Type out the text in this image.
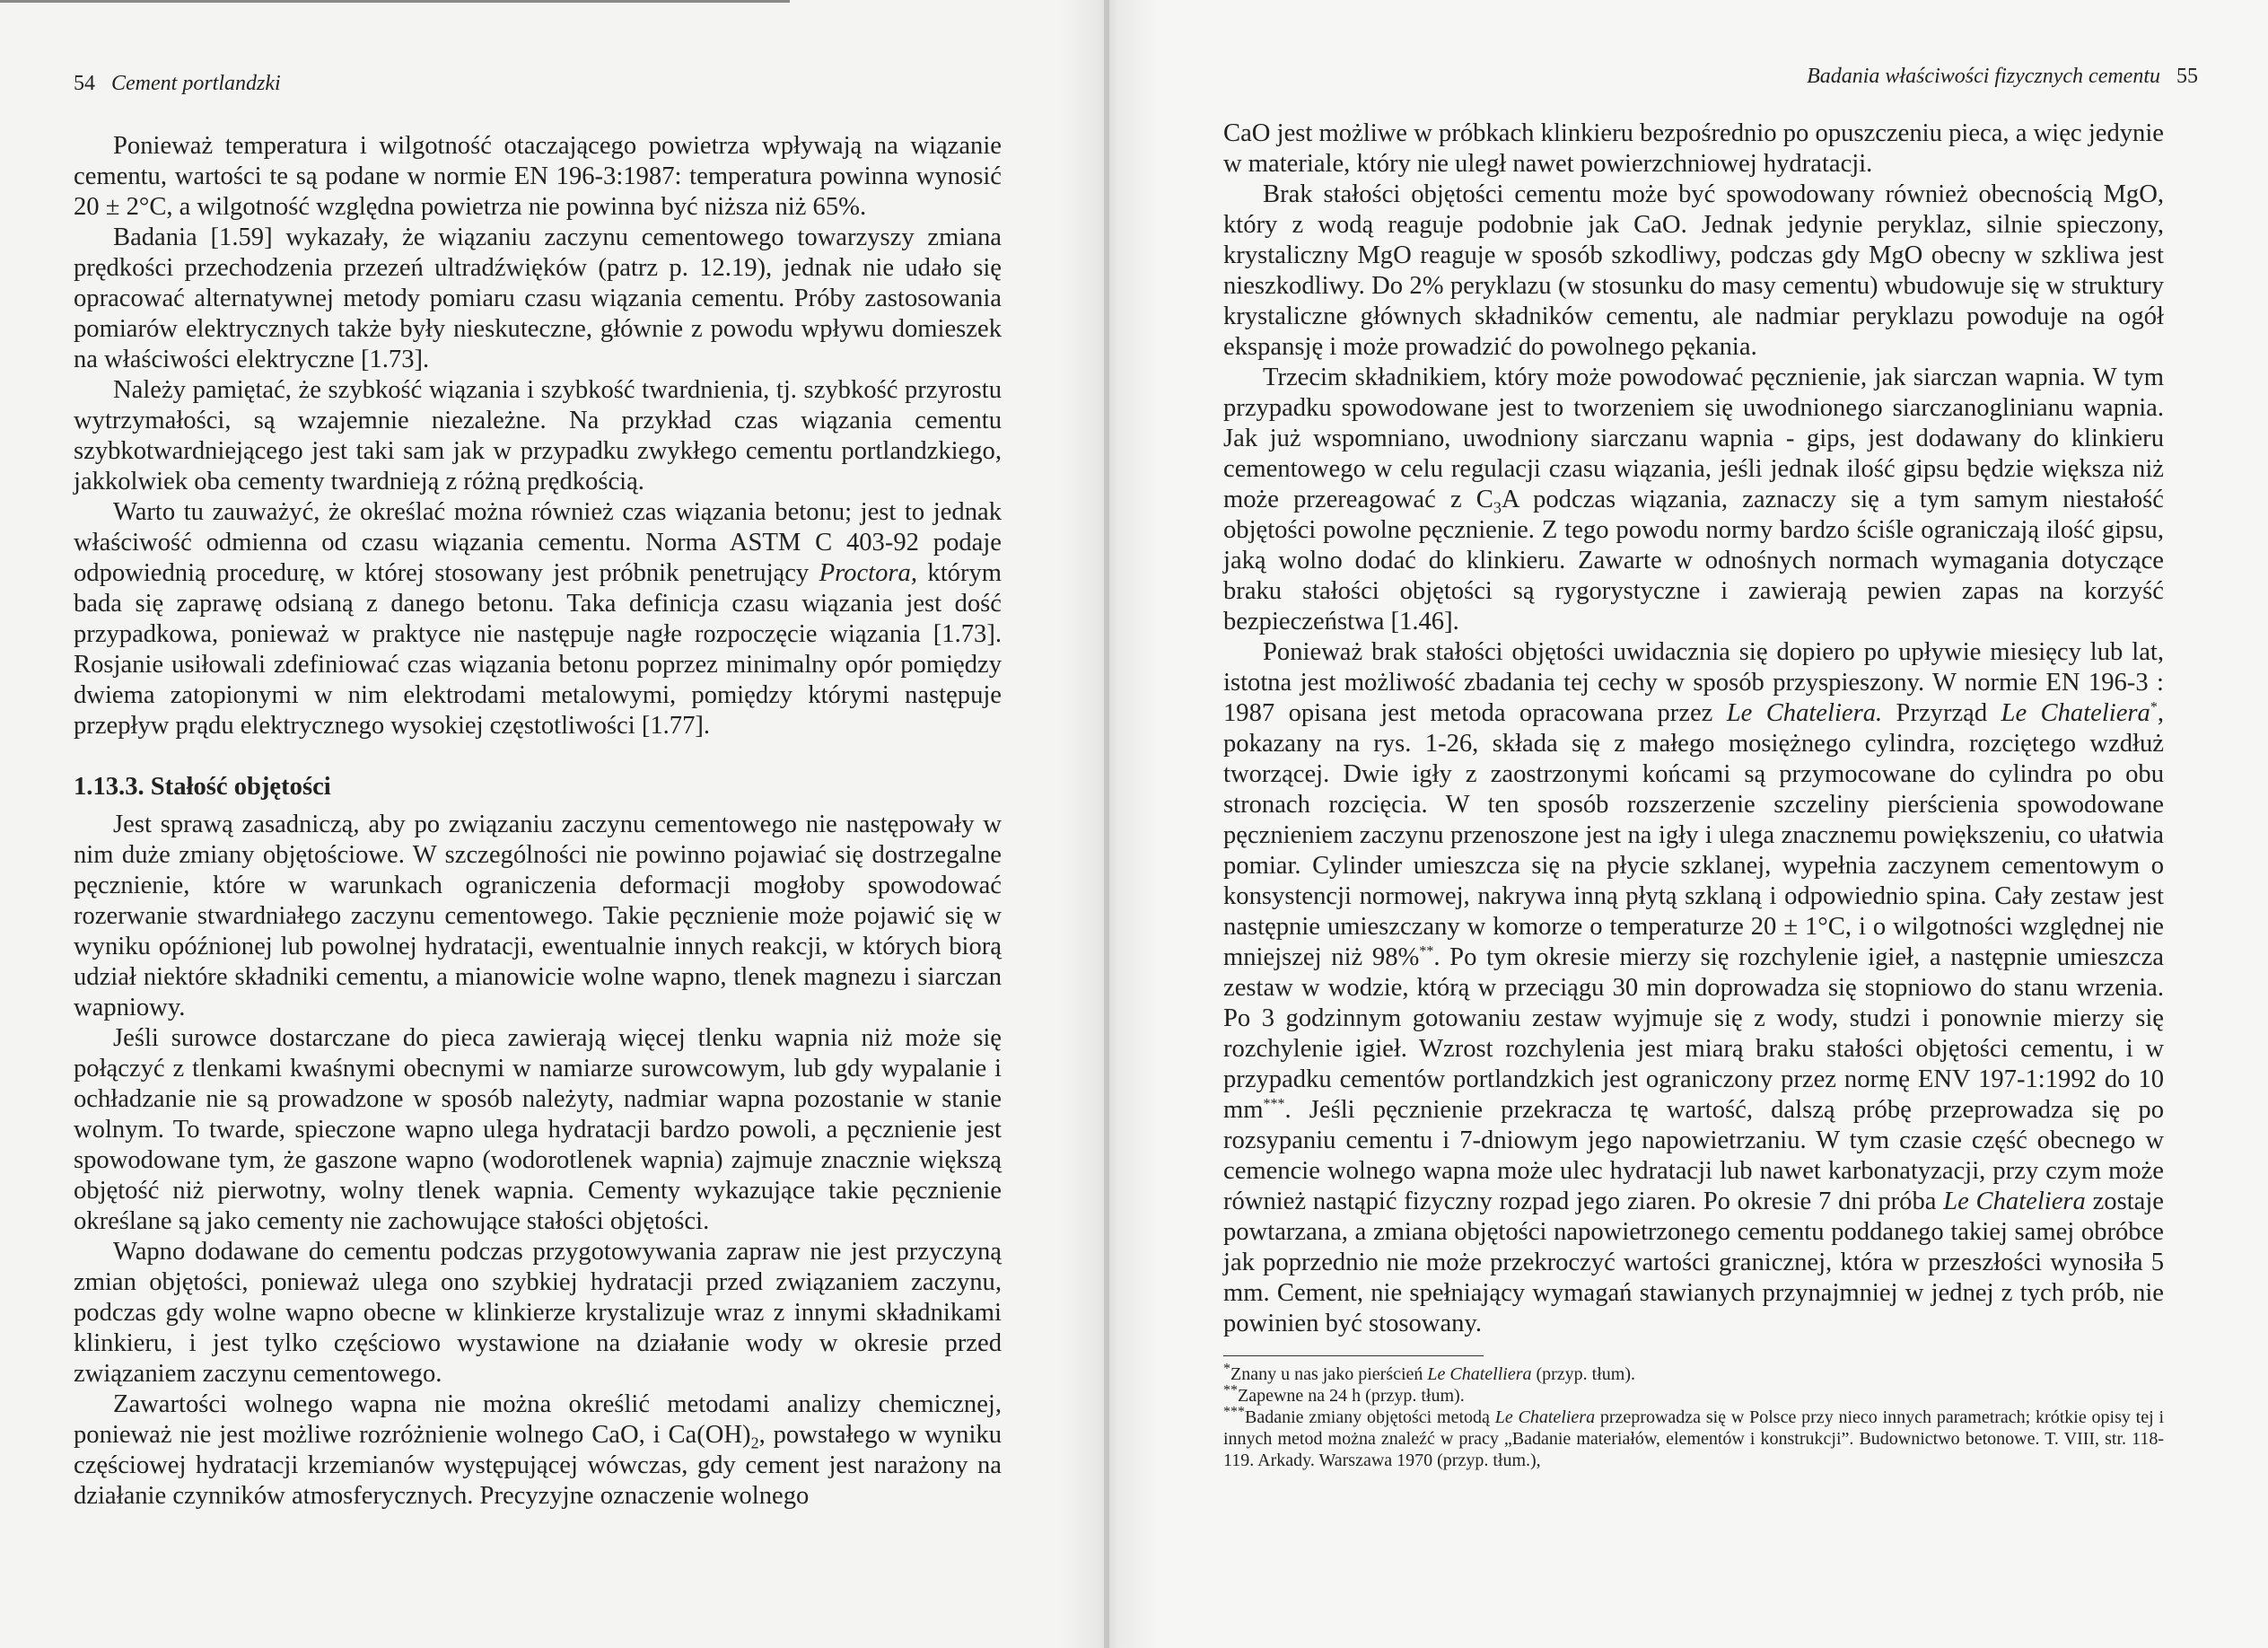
54 Cement portlandzki

Ponieważ temperatura i wilgotność otaczającego powietrza wpływają na wiązanie cementu, wartości te są podane w normie EN 196-3:1987: temperatura powinna wynosić 20 ± 2°C, a wilgotność względna powietrza nie powinna być niższa niż 65%.

Badania [1.59] wykazały, że wiązaniu zaczynu cementowego towarzyszy zmiana prędkości przechodzenia przezeń ultradźwięków (patrz p. 12.19), jednak nie udało się opracować alternatywnej metody pomiaru czasu wiązania cementu. Próby zastosowania pomiarów elektrycznych także były nieskuteczne, głównie z powodu wpływu domieszek na właściwości elektryczne [1.73].

Należy pamiętać, że szybkość wiązania i szybkość twardnienia, tj. szybkość przyrostu wytrzymałości, są wzajemnie niezależne. Na przykład czas wiązania cementu szybkotwardniejącego jest taki sam jak w przypadku zwykłego cementu portlandzkiego, jakkolwiek oba cementy twardnieją z różną prędkością.

Warto tu zauważyć, że określać można również czas wiązania betonu; jest to jednak właściwość odmienna od czasu wiązania cementu. Norma ASTM C 403-92 podaje odpowiednią procedurę, w której stosowany jest próbnik penetrujący Proctora, którym bada się zaprawę odsianą z danego betonu. Taka definicja czasu wiązania jest dość przypadkowa, ponieważ w praktyce nie następuje nagłe rozpoczęcie wiązania [1.73]. Rosjanie usiłowali zdefiniować czas wiązania betonu poprzez minimalny opór pomiędzy dwiema zatopionymi w nim elektrodami metalowymi, pomiędzy którymi następuje przepływ prądu elektrycznego wysokiej częstotliwości [1.77].

1.13.3. Stałość objętości

Jest sprawą zasadniczą, aby po związaniu zaczynu cementowego nie następowały w nim duże zmiany objętościowe. W szczególności nie powinno pojawiać się dostrzegalne pęcznienie, które w warunkach ograniczenia deformacji mogłoby spowodować rozerwanie stwardniałego zaczynu cementowego. Takie pęcznienie może pojawić się w wyniku opóźnionej lub powolnej hydratacji, ewentualnie innych reakcji, w których biorą udział niektóre składniki cementu, a mianowicie wolne wapno, tlenek magnezu i siarczan wapniowy.

Jeśli surowce dostarczane do pieca zawierają więcej tlenku wapnia niż może się połączyć z tlenkami kwaśnymi obecnymi w namiarze surowcowym, lub gdy wypalanie i ochładzanie nie są prowadzone w sposób należyty, nadmiar wapna pozostanie w stanie wolnym. To twarde, spieczone wapno ulega hydratacji bardzo powoli, a pęcznienie jest spowodowane tym, że gaszone wapno (wodorotlenek wapnia) zajmuje znacznie większą objętość niż pierwotny, wolny tlenek wapnia. Cementy wykazujące takie pęcznienie określane są jako cementy nie zachowujące stałości objętości.

Wapno dodawane do cementu podczas przygotowywania zapraw nie jest przyczyną zmian objętości, ponieważ ulega ono szybkiej hydratacji przed związaniem zaczynu, podczas gdy wolne wapno obecne w klinkierze krystalizuje wraz z innymi składnikami klinkieru, i jest tylko częściowo wystawione na działanie wody w okresie przed związaniem zaczynu cementowego.

Zawartości wolnego wapna nie można określić metodami analizy chemicznej, ponieważ nie jest możliwe rozróżnienie wolnego CaO, i $Ca(OH)_2$, powstałego w wyniku częściowej hydratacji krzemianów występującej wówczas, gdy cement jest narażony na działanie czynników atmosferycznych. Precyzyjne oznaczenie wolnego

Badania właściwości fizycznych cementu 55

CaO jest możliwe w próbkach klinkieru bezpośrednio po opuszczeniu pieca, a więc jedynie w materiale, który nie uległ nawet powierzchniowej hydratacji.

Brak stałości objętości cementu może być spowodowany również obecnością MgO, który z wodą reaguje podobnie jak CaO. Jednak jedynie peryklaz, silnie spieczony, krystaliczny MgO reaguje w sposób szkodliwy, podczas gdy MgO obecny w szkliwa jest nieszkodliwy. Do 2% peryklazu (w stosunku do masy cementu) wbudowuje się w struktury krystaliczne głównych składników cementu, ale nadmiar peryklazu powoduje na ogół ekspansję i może prowadzić do powolnego pękania.

Trzecim składnikiem, który może powodować pęcznienie, jak siarczan wapnia. W tym przypadku spowodowane jest to tworzeniem się uwodnionego siarczanoglinianu wapnia. Jak już wspomniano, uwodniony siarczanu wapnia - gips, jest dodawany do klinkieru cementowego w celu regulacji czasu wiązania, jeśli jednak ilość gipsu będzie większa niż może przereagować z $C_3A$ podczas wiązania, zaznaczy się a tym samym niestałość objętości powolne pęcznienie. Z tego powodu normy bardzo ściśle ograniczają ilość gipsu, jaką wolno dodać do klinkieru. Zawarte w odnośnych normach wymagania dotyczące braku stałości objętości są rygorystyczne i zawierają pewien zapas na korzyść bezpieczeństwa [1.46].

Ponieważ brak stałości objętości uwidacznia się dopiero po upływie miesięcy lub lat, istotna jest możliwość zbadania tej cechy w sposób przyspieszony. W normie EN 196-3 : 1987 opisana jest metoda opracowana przez Le Chateliera. Przyrząd Le Chateliera*, pokazany na rys. 1-26, składa się z małego mosiężnego cylindra, rozciętego wzdłuż tworzącej. Dwie igły z zaostrzonymi końcami są przymocowane do cylindra po obu stronach rozcięcia. W ten sposób rozszerzenie szczeliny pierścienia spowodowane pęcznieniem zaczynu przenoszone jest na igły i ulega znacznemu powiększeniu, co ułatwia pomiar. Cylinder umieszcza się na płycie szklanej, wypełnia zaczynem cementowym o konsystencji normowej, nakrywa inną płytą szklaną i odpowiednio spina. Cały zestaw jest następnie umieszczany w komorze o temperaturze 20 ± 1°C, i o wilgotności względnej nie mniejszej niż 98%**. Po tym okresie mierzy się rozchylenie igieł, a następnie umieszcza zestaw w wodzie, którą w przeciągu 30 min doprowadza się stopniowo do stanu wrzenia. Po 3 godzinnym gotowaniu zestaw wyjmuje się z wody, studzi i ponownie mierzy się rozchylenie igieł. Wzrost rozchylenia jest miarą braku stałości objętości cementu, i w przypadku cementów portlandzkich jest ograniczony przez normę ENV 197-1:1992 do 10 mm***. Jeśli pęcznienie przekracza tę wartość, dalszą próbę przeprowadza się po rozsypaniu cementu i 7-dniowym jego napowietrzaniu. W tym czasie część obecnego w cemencie wolnego wapna może ulec hydratacji lub nawet karbonatyzacji, przy czym może również nastąpić fizyczny rozpad jego ziaren. Po okresie 7 dni próba Le Chateliera zostaje powtarzana, a zmiana objętości napowietrzonego cementu poddanego takiej samej obróbce jak poprzednio nie może przekroczyć wartości granicznej, która w przeszłości wynosiła 5 mm. Cement, nie spełniający wymagań stawianych przynajmniej w jednej z tych prób, nie powinien być stosowany.

*Znany u nas jako pierścień Le Chatelliera (przyp. tłum).

**Zapewne na 24 h (przyp. tłum).

***Badanie zmiany objętości metodą Le Chateliera przeprowadza się w Polsce przy nieco innych parametrach; krótkie opisy tej i innych metod można znaleźć w pracy „Badanie materiałów, elementów i konstrukcji”. Budownictwo betonowe. T. VIII, str. 118-119. Arkady. Warszawa 1970 (przyp. tłum.),
